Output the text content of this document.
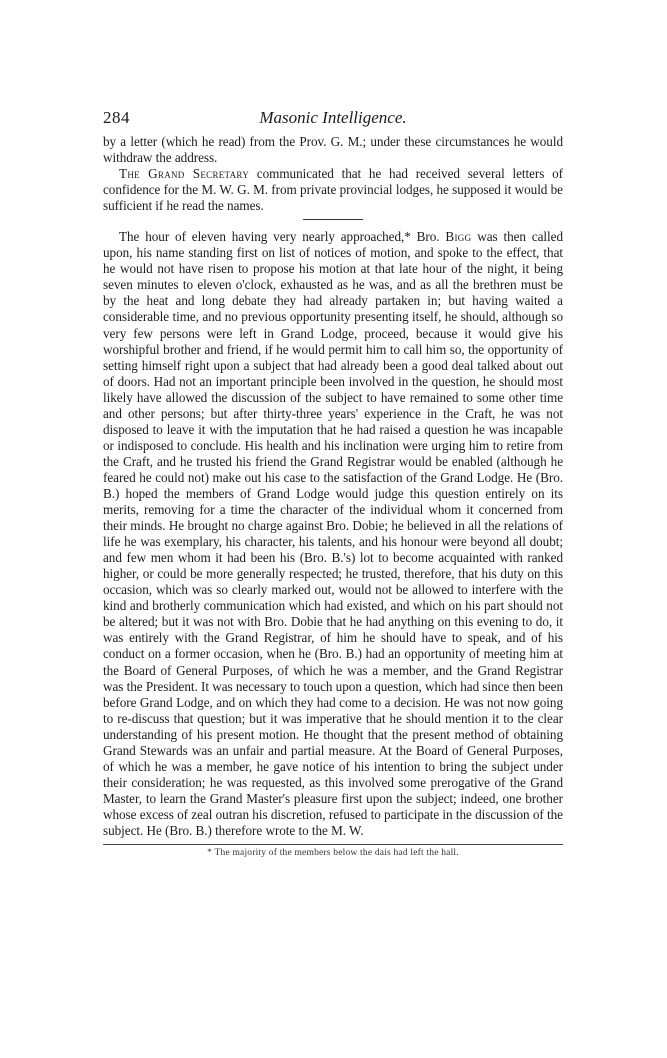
284	Masonic Intelligence.

by a letter (which he read) from the Prov. G. M.; under these circumstances he would withdraw the address.

The Grand Secretary communicated that he had received several letters of confidence for the M. W. G. M. from private provincial lodges, he supposed it would be sufficient if he read the names.

The hour of eleven having very nearly approached,* Bro. Bigg was then called upon, his name standing first on list of notices of motion, and spoke to the effect, that he would not have risen to propose his motion at that late hour of the night, it being seven minutes to eleven o'clock, exhausted as he was, and as all the brethren must be by the heat and long debate they had already partaken in; but having waited a considerable time, and no previous opportunity presenting itself, he should, although so very few persons were left in Grand Lodge, proceed, because it would give his worshipful brother and friend, if he would permit him to call him so, the opportunity of setting himself right upon a subject that had already been a good deal talked about out of doors. Had not an important principle been involved in the question, he should most likely have allowed the discussion of the subject to have remained to some other time and other persons; but after thirty-three years' experience in the Craft, he was not disposed to leave it with the imputation that he had raised a question he was incapable or indisposed to conclude. His health and his inclination were urging him to retire from the Craft, and he trusted his friend the Grand Registrar would be enabled (although he feared he could not) make out his case to the satisfaction of the Grand Lodge. He (Bro. B.) hoped the members of Grand Lodge would judge this question entirely on its merits, removing for a time the character of the individual whom it concerned from their minds. He brought no charge against Bro. Dobie; he believed in all the relations of life he was exemplary, his character, his talents, and his honour were beyond all doubt; and few men whom it had been his (Bro. B.'s) lot to become acquainted with ranked higher, or could be more generally respected; he trusted, therefore, that his duty on this occasion, which was so clearly marked out, would not be allowed to interfere with the kind and brotherly communication which had existed, and which on his part should not be altered; but it was not with Bro. Dobie that he had anything on this evening to do, it was entirely with the Grand Registrar, of him he should have to speak, and of his conduct on a former occasion, when he (Bro. B.) had an opportunity of meeting him at the Board of General Purposes, of which he was a member, and the Grand Registrar was the President. It was necessary to touch upon a question, which had since then been before Grand Lodge, and on which they had come to a decision. He was not now going to re-discuss that question; but it was imperative that he should mention it to the clear understanding of his present motion. He thought that the present method of obtaining Grand Stewards was an unfair and partial measure. At the Board of General Purposes, of which he was a member, he gave notice of his intention to bring the subject under their consideration; he was requested, as this involved some prerogative of the Grand Master, to learn the Grand Master's pleasure first upon the subject; indeed, one brother whose excess of zeal outran his discretion, refused to participate in the discussion of the subject. He (Bro. B.) therefore wrote to the M. W.

* The majority of the members below the dais had left the hall.
